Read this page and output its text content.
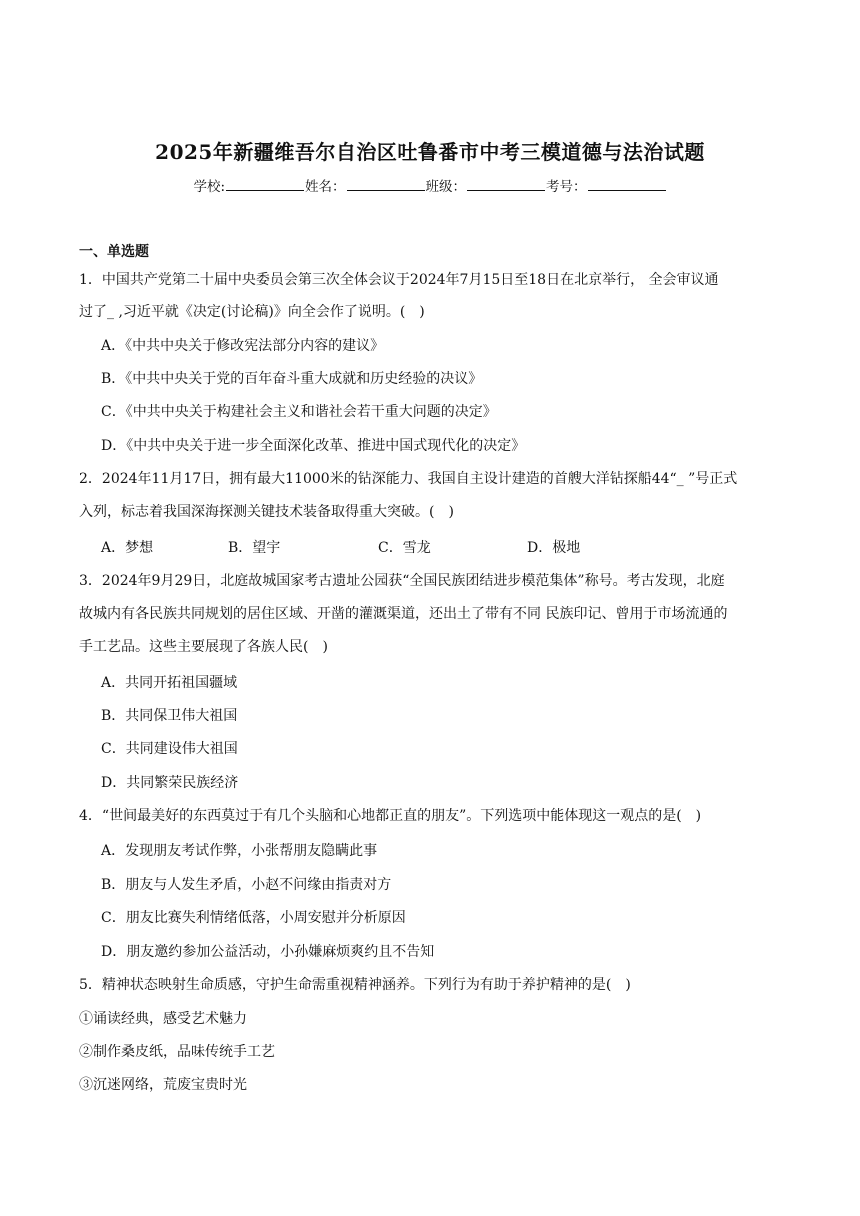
2025年新疆维吾尔自治区吐鲁番市中考三模道德与法治试题
学校:	姓名：	班级：	考号：
一、单选题
1．中国共产党第二十届中央委员会第三次全体会议于2024年7月15日至18日在北京举行， 全会审议通
过了_ ,习近平就《决定(讨论稿)》向全会作了说明。(　)
A．《中共中央关于修改宪法部分内容的建议》
B．《中共中央关于党的百年奋斗重大成就和历史经验的决议》
C．《中共中央关于构建社会主义和谐社会若干重大问题的决定》
D．《中共中央关于进一步全面深化改革、推进中国式现代化的决定》
2．2024年11月17日，拥有最大11000米的钻深能力、我国自主设计建造的首艘大洋钻探船44“_ ”号正式
入列，标志着我国深海探测关键技术装备取得重大突破。(　)
A．梦想	B．望宇	C．雪龙	D．极地
3．2024年9月29日，北庭故城国家考古遗址公园获“全国民族团结进步模范集体”称号。考古发现，北庭
故城内有各民族共同规划的居住区域、开凿的灌溉渠道，还出土了带有不同 民族印记、曾用于市场流通的
手工艺品。这些主要展现了各族人民(　)
A．共同开拓祖国疆域
B．共同保卫伟大祖国
C．共同建设伟大祖国
D．共同繁荣民族经济
4．“世间最美好的东西莫过于有几个头脑和心地都正直的朋友”。下列选项中能体现这一观点的是(　)
A．发现朋友考试作弊，小张帮朋友隐瞒此事
B．朋友与人发生矛盾，小赵不问缘由指责对方
C．朋友比赛失利情绪低落，小周安慰并分析原因
D．朋友邀约参加公益活动，小孙嫌麻烦爽约且不告知
5．精神状态映射生命质感，守护生命需重视精神涵养。下列行为有助于养护精神的是(　)
①诵读经典，感受艺术魅力
②制作桑皮纸，品味传统手工艺
③沉迷网络，荒废宝贵时光
